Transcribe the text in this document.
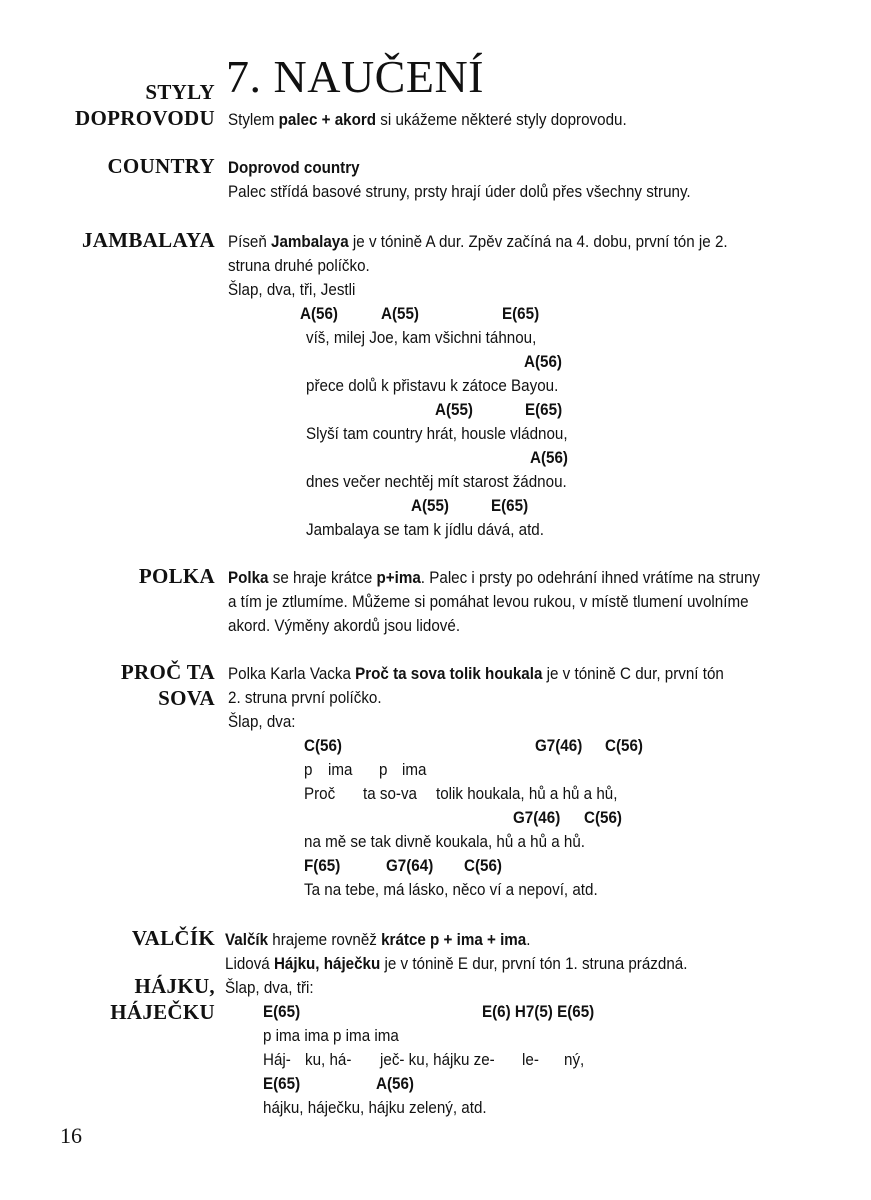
7. NAUČENÍ
STYLY
DOPROVODU Stylem palec + akord si ukážeme některé styly doprovodu.
COUNTRY Doprovod country
Palec střídá basové struny, prsty hrají úder dolů přes všechny struny.
JAMBALAYA Píseň Jambalaya je v tónině A dur. Zpěv začíná na 4. dobu, první tón je 2.
struna druhé políčko.
Šlap, dva, tři, Jestli
A(56)	A(55)	E(65)
víš, milej Joe, kam všichni táhnou,
A(56)
přece dolů k přistavu k zátoce Bayou.
A(55)	E(65)
Slyší tam country hrát, housle vládnou,
A(56)
dnes večer nechtěj mít starost žádnou.
A(55)	E(65)
Jambalaya se tam k jídlu dává, atd.
POLKA Polka se hraje krátce p+ima. Palec i prsty po odehrání ihned vrátíme na struny
a tím je ztlumíme. Můžeme si pomáhat levou rukou, v místě tlumení uvolníme
akord. Výměny akordů jsou lidové.
PROČ TA
SOVA
Polka Karla Vacka Proč ta sova tolik houkala je v tónině C dur, první tón
2. struna první políčko.
Šlap, dva:
C(56)	G7(46) C(56)
p ima p ima
Proč ta so-va tolik houkala, hů a hů a hů,
G7(46) C(56)
na mě se tak divně koukala, hů a hů a hů.
F(65)	G7(64) C(56)
Ta na tebe, má lásko, něco ví a nepoví, atd.
VALČÍK Valčík hrajeme rovněž krátce p + ima + ima.
Lidová Hájku, háječku je v tónině E dur, první tón 1. struna prázdná.
HÁJKU,
HÁJEČKU
Šlap, dva, tři:
E(65)	E(6) H7(5) E(65)
p ima ima p ima ima
Háj- ku, há- ječ- ku, hájku ze- le- ný,
E(65)	A(56)
hájku, háječku, hájku zelený, atd.
16
